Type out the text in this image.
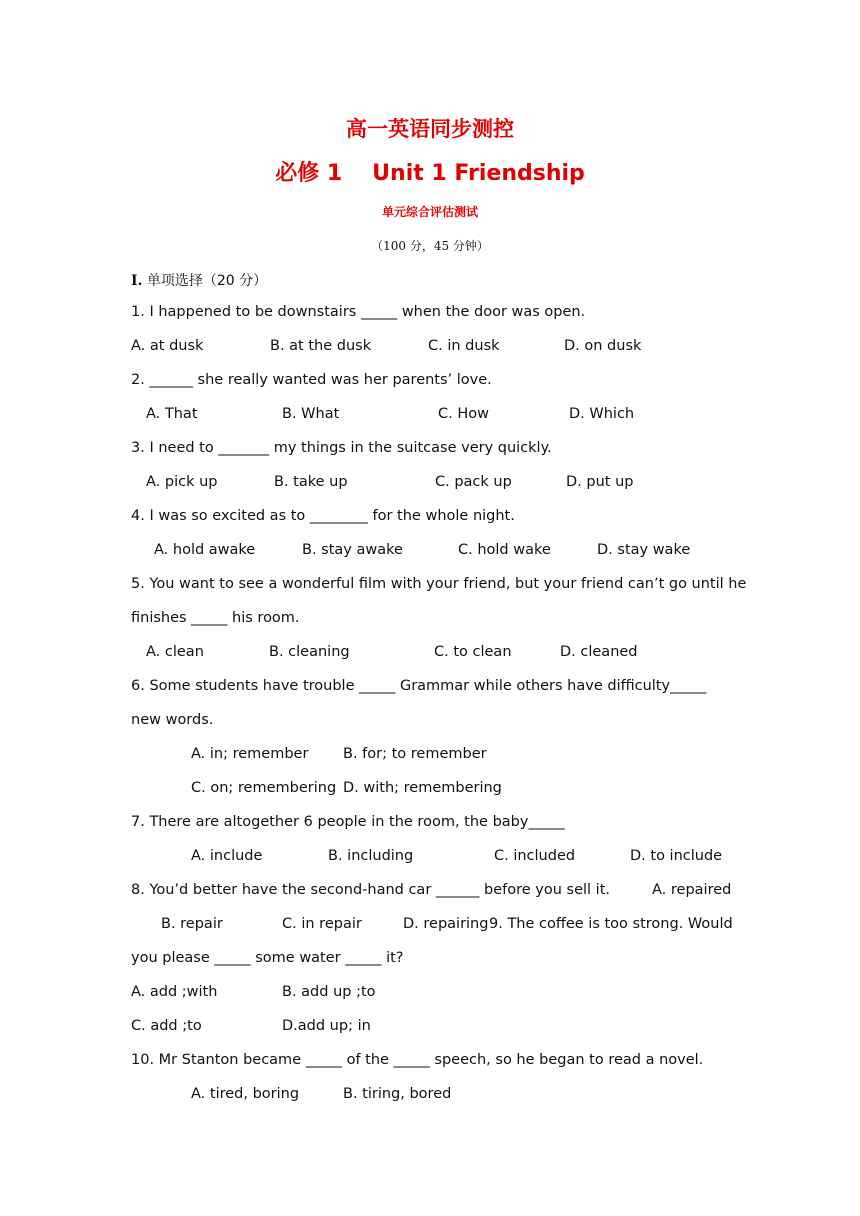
高一英语同步测控
必修 1 Unit 1 Friendship
单元综合评估测试
（100 分，45 分钟）
I. 单项选择（20 分）
1. I happened to be downstairs _____ when the door was open.
A. at dusk	B. at the dusk	C. in dusk	D. on dusk
2. ______ she really wanted was her parents’ love.
A. That	B. What	C. How	D. Which
3. I need to _______ my things in the suitcase very quickly.
A. pick up	B. take up	C. pack up	D. put up
4. I was so excited as to ________ for the whole night.
A. hold awake	B. stay awake	C. hold wake	D. stay wake
5. You want to see a wonderful film with your friend, but your friend can’t go until he
finishes _____ his room.
A. clean	B. cleaning	C. to clean	D. cleaned
6. Some students have trouble _____ Grammar while others have difficulty_____
new words.
A. in; remember B. for; to remember
C. on; remembering D. with; remembering
7. There are altogether 6 people in the room, the baby_____
A. include	B. including	C. included	D. to include
8. You’d better have the second-hand car ______ before you sell it.	A. repaired
B. repair	C. in repair	D. repairing 9. The coffee is too strong. Would
you please _____ some water _____ it?
A. add ;with	B. add up ;to
C. add ;to	D.add up; in
10. Mr Stanton became _____ of the _____ speech, so he began to read a novel.
A. tired, boring	B. tiring, bored
